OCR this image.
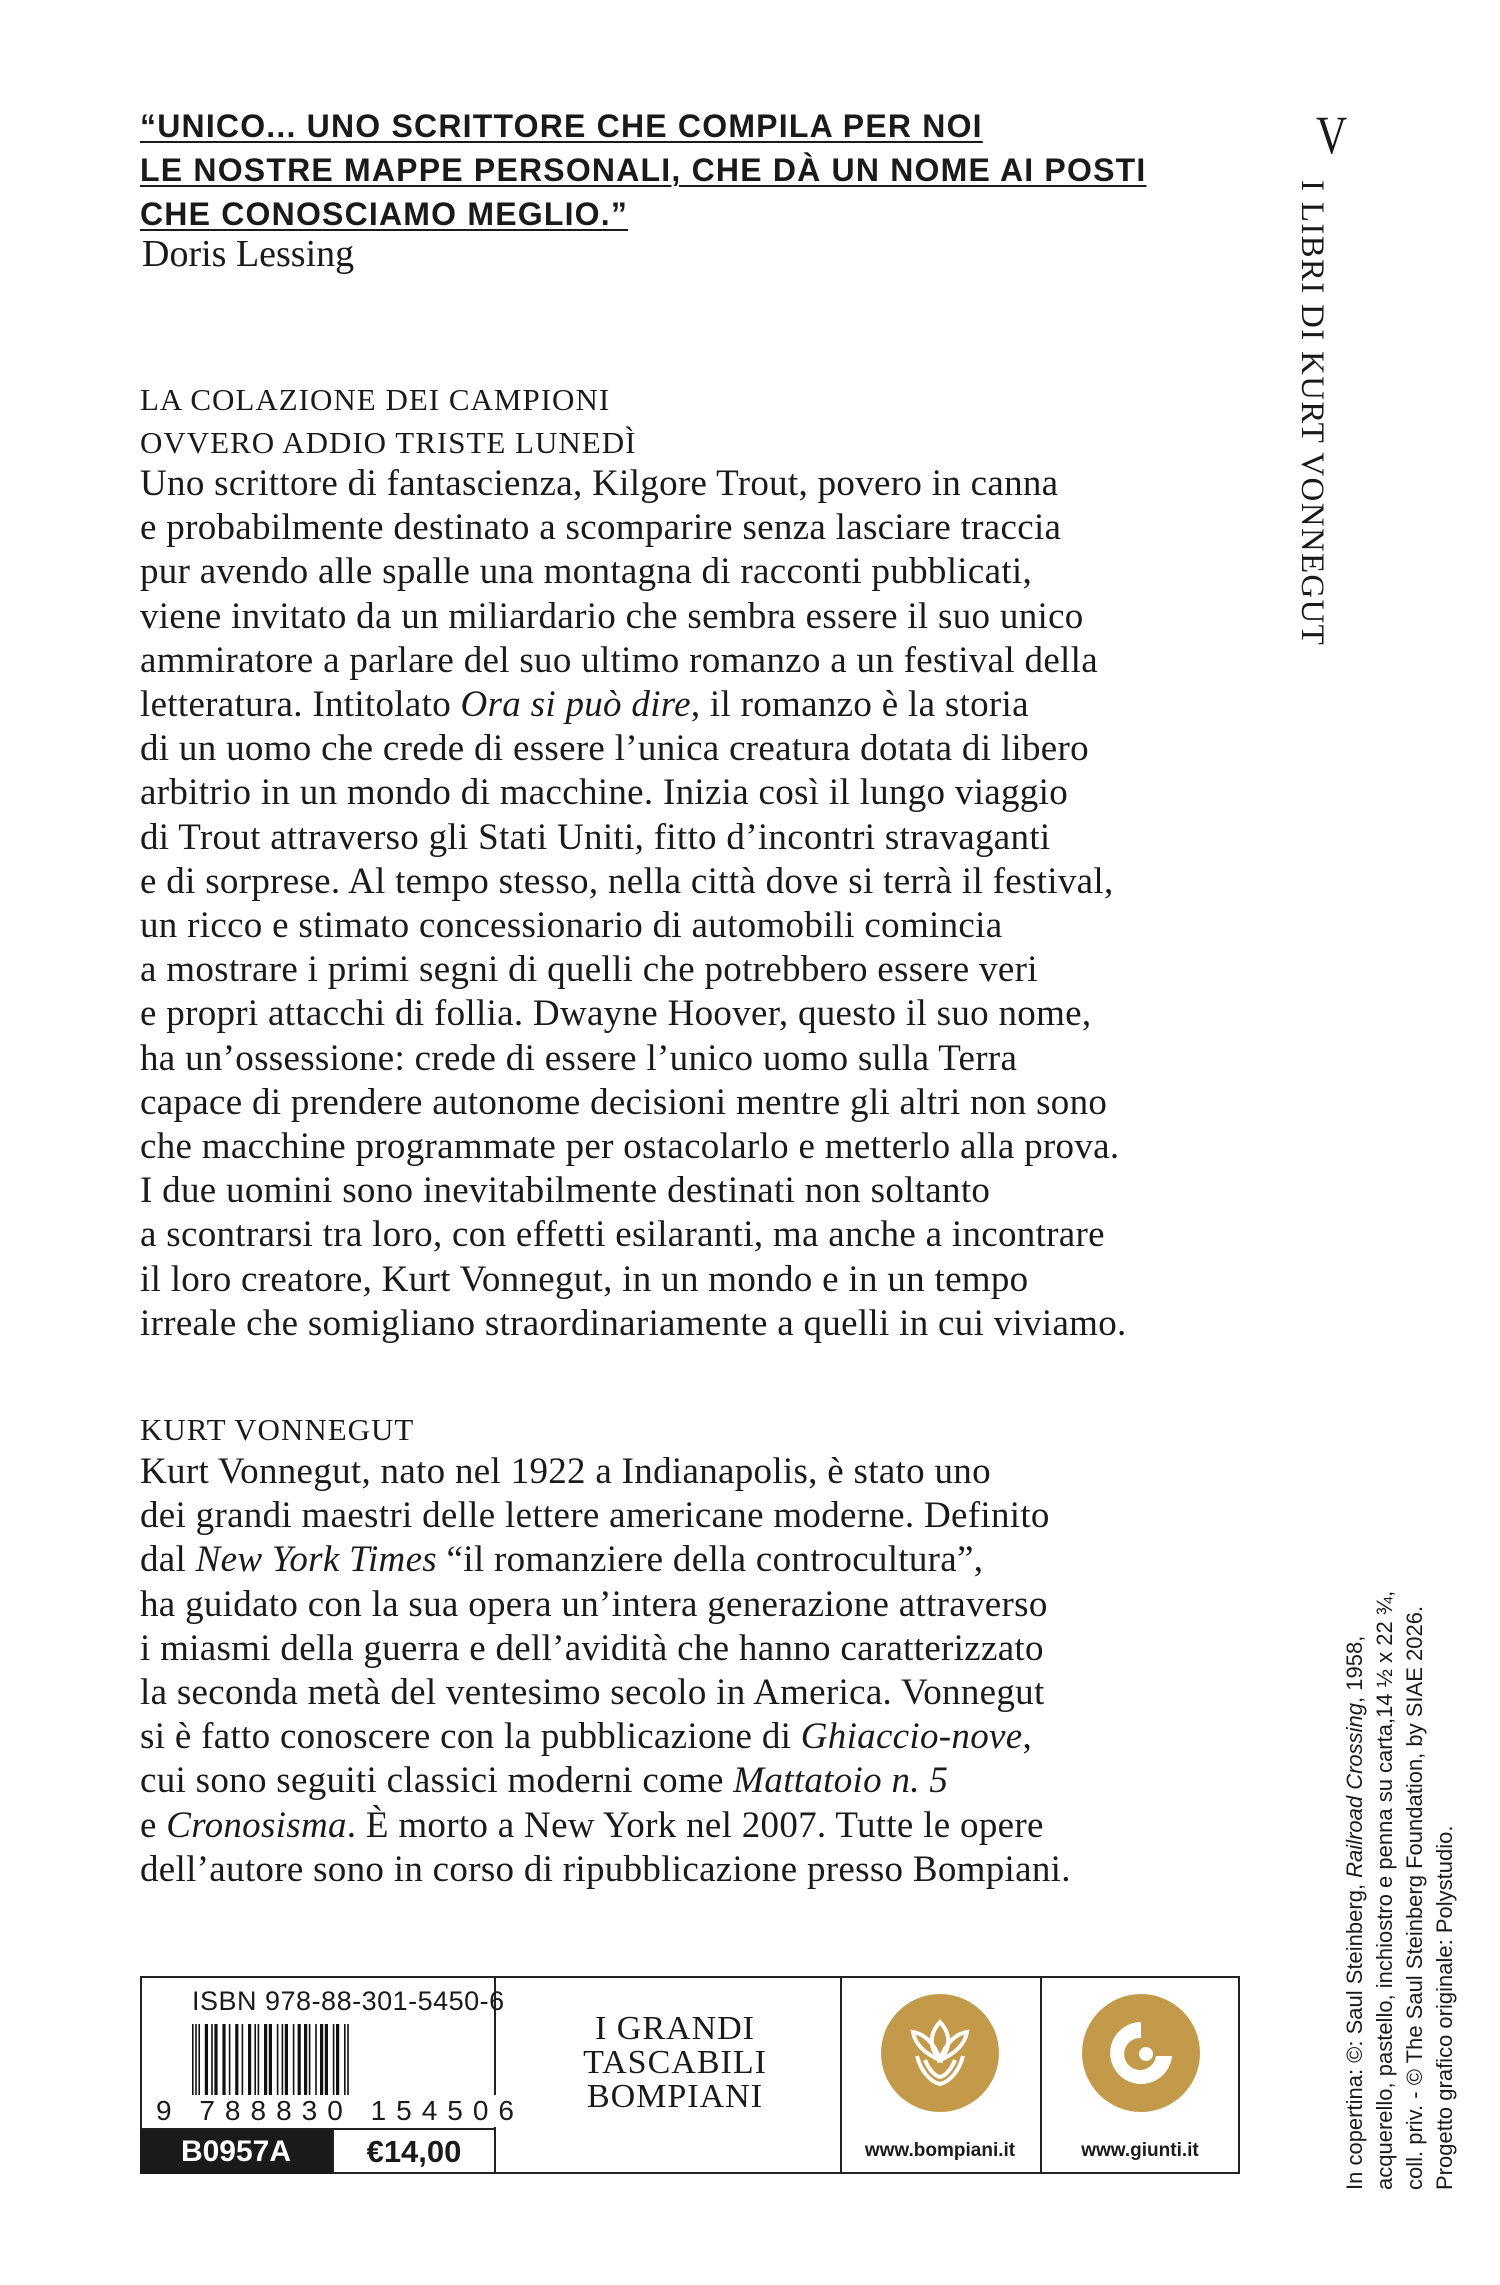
“UNICO... UNO SCRITTORE CHE COMPILA PER NOI
LE NOSTRE MAPPE PERSONALI, CHE DÀ UN NOME AI POSTI
CHE CONOSCIAMO MEGLIO.”
Doris Lessing
LA COLAZIONE DEI CAMPIONI
OVVERO ADDIO TRISTE LUNEDÌ
Uno scrittore di fantascienza, Kilgore Trout, povero in canna
e probabilmente destinato a scomparire senza lasciare traccia
pur avendo alle spalle una montagna di racconti pubblicati,
viene invitato da un miliardario che sembra essere il suo unico
ammiratore a parlare del suo ultimo romanzo a un festival della
letteratura. Intitolato Ora si può dire, il romanzo è la storia
di un uomo che crede di essere l’unica creatura dotata di libero
arbitrio in un mondo di macchine. Inizia così il lungo viaggio
di Trout attraverso gli Stati Uniti, fitto d’incontri stravaganti
e di sorprese. Al tempo stesso, nella città dove si terrà il festival,
un ricco e stimato concessionario di automobili comincia
a mostrare i primi segni di quelli che potrebbero essere veri
e propri attacchi di follia. Dwayne Hoover, questo il suo nome,
ha un’ossessione: crede di essere l’unico uomo sulla Terra
capace di prendere autonome decisioni mentre gli altri non sono
che macchine programmate per ostacolarlo e metterlo alla prova.
I due uomini sono inevitabilmente destinati non soltanto
a scontrarsi tra loro, con effetti esilaranti, ma anche a incontrare
il loro creatore, Kurt Vonnegut, in un mondo e in un tempo
irreale che somigliano straordinariamente a quelli in cui viviamo.
KURT VONNEGUT
Kurt Vonnegut, nato nel 1922 a Indianapolis, è stato uno
dei grandi maestri delle lettere americane moderne. Definito
dal New York Times “il romanziere della controcultura”,
ha guidato con la sua opera un’intera generazione attraverso
i miasmi della guerra e dell’avidità che hanno caratterizzato
la seconda metà del ventesimo secolo in America. Vonnegut
si è fatto conoscere con la pubblicazione di Ghiaccio-nove,
cui sono seguiti classici moderni come Mattatoio n. 5
e Cronosisma. È morto a New York nel 2007. Tutte le opere
dell’autore sono in corso di ripubblicazione presso Bompiani.
V
I LIBRI DI KURT VONNEGUT
In copertina: ©: Saul Steinberg, Railroad Crossing, 1958, acquerello, pastello, inchiostro e penna su carta,14 ½ x 22 ¾, coll. priv. - © The Saul Steinberg Foundation, by SIAE 2026. Progetto grafico originale: Polystudio.
ISBN 978-88-301-5450-6
9 788830 154506
B0957A	€14,00
I GRANDI
TASCABILI
BOMPIANI
www.bompiani.it	www.giunti.it
